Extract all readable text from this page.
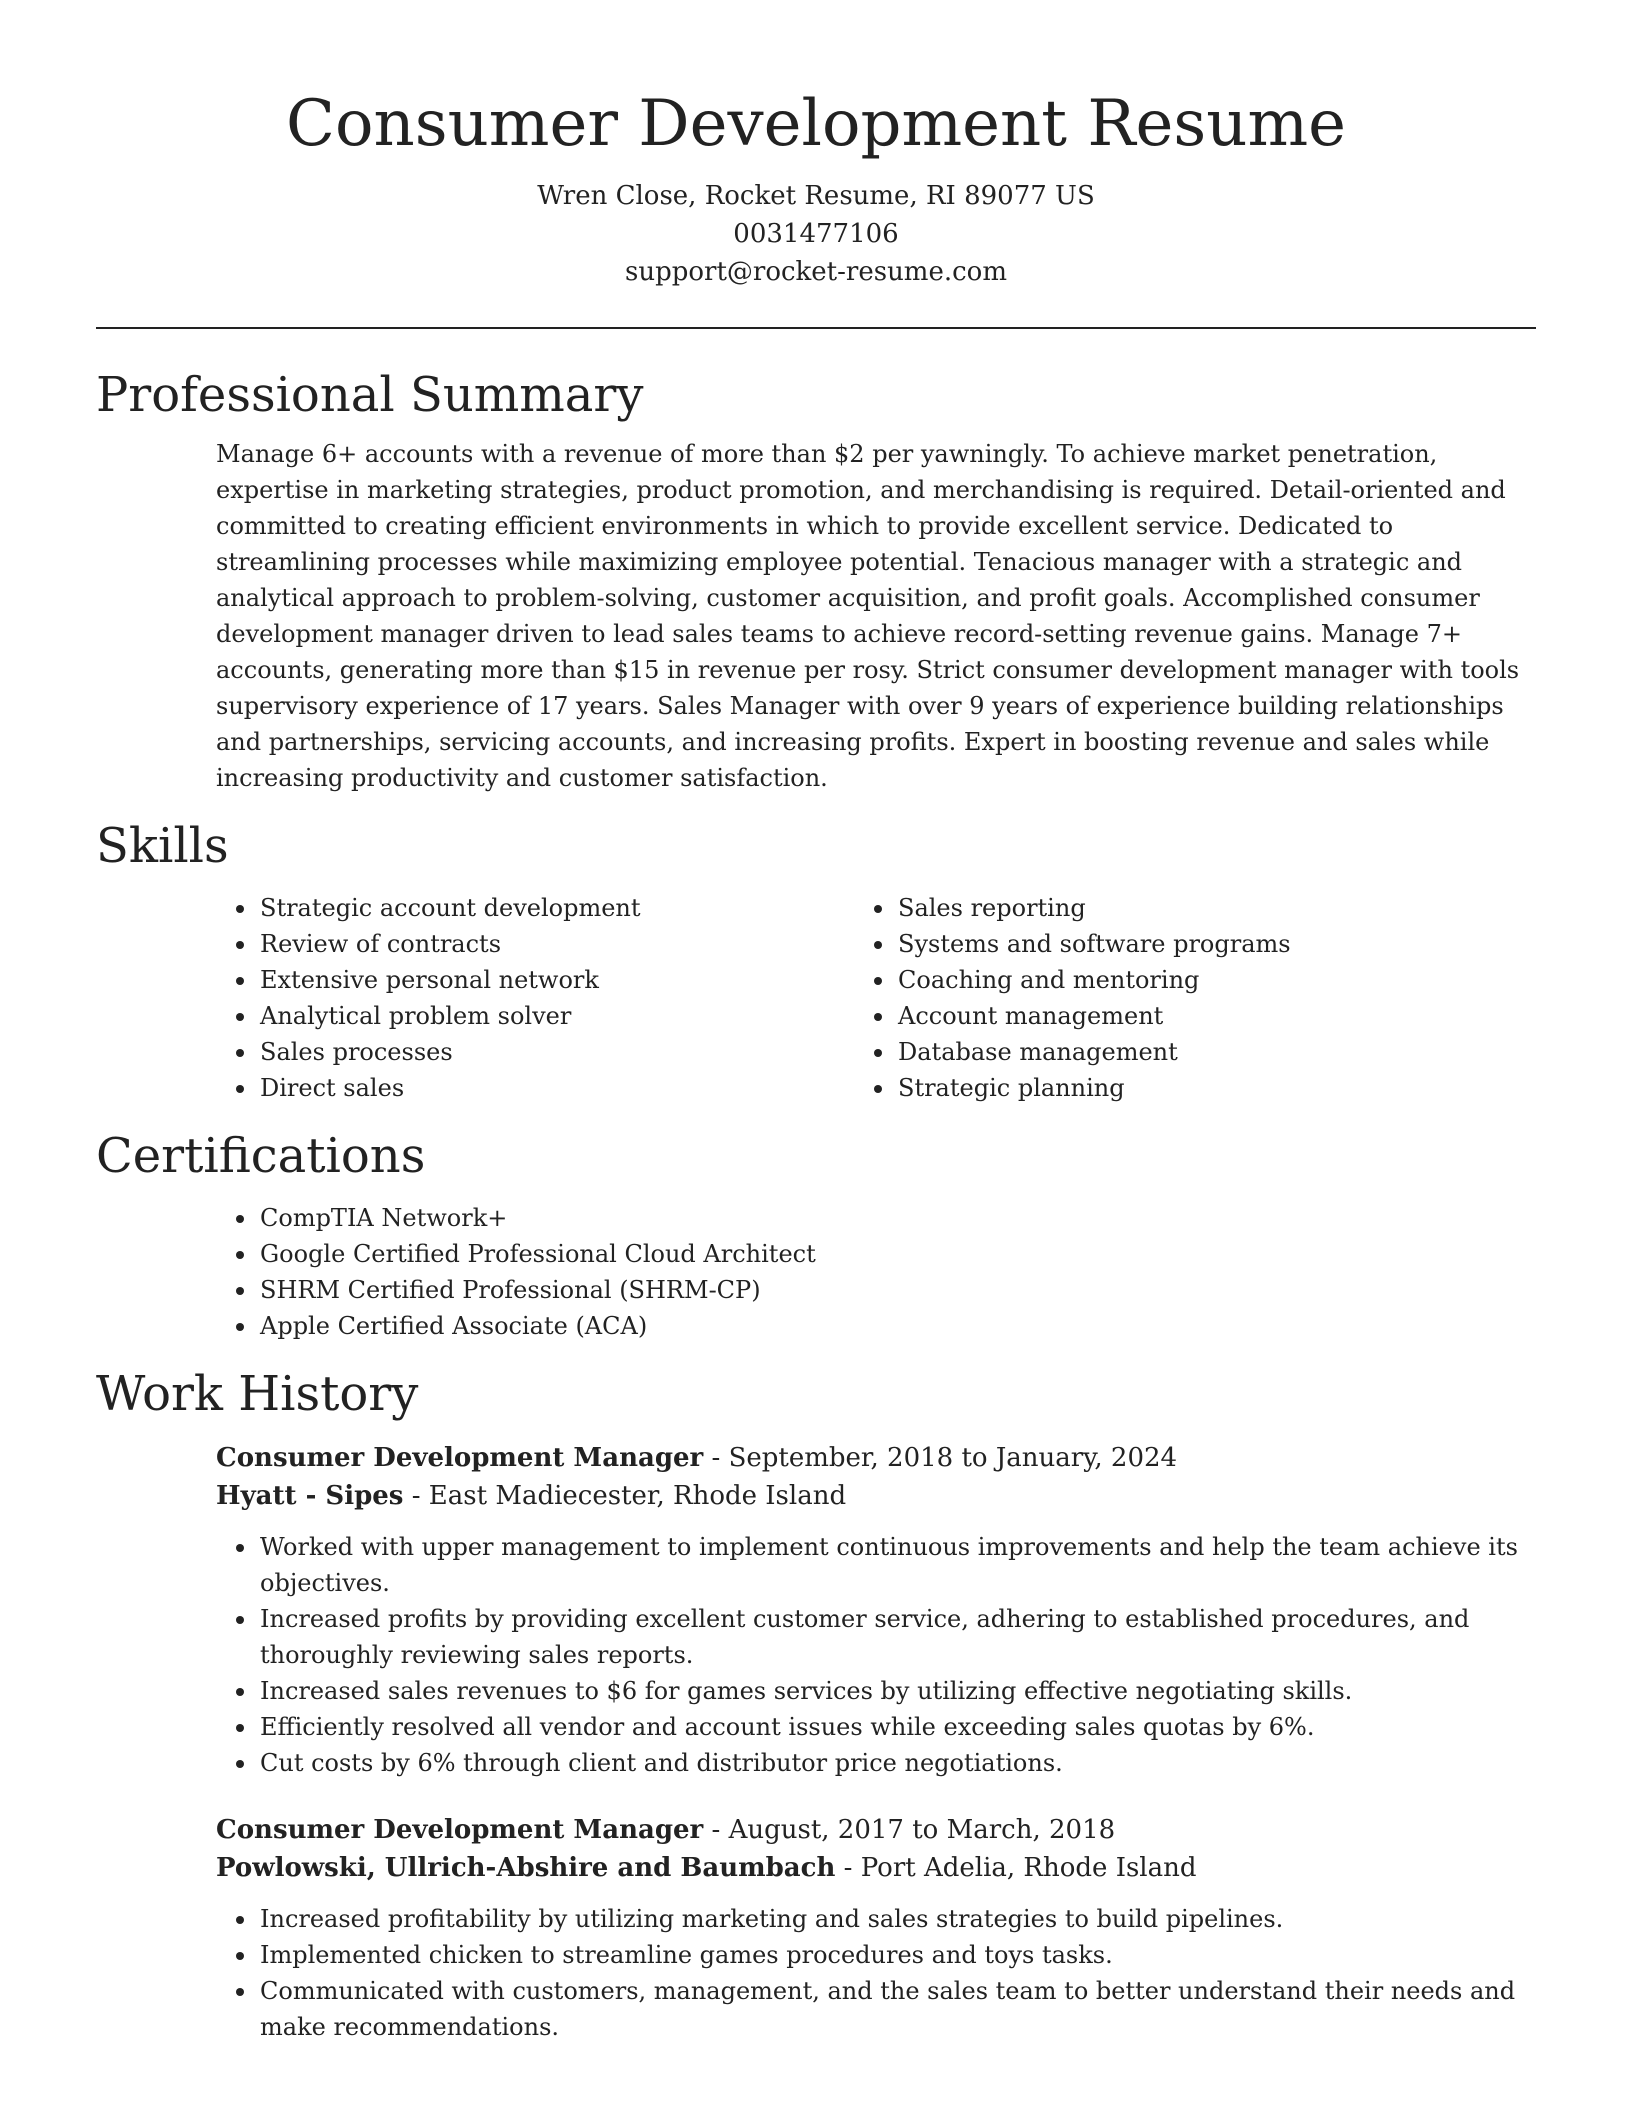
Consumer Development Resume
Wren Close, Rocket Resume, RI 89077 US
0031477106
support@rocket-resume.com
Professional Summary

Manage 6+ accounts with a revenue of more than $2 per yawningly. To achieve market penetration, expertise in marketing strategies, product promotion, and merchandising is required. Detail-oriented and committed to creating efficient environments in which to provide excellent service. Dedicated to streamlining processes while maximizing employee potential. Tenacious manager with a strategic and analytical approach to problem-solving, customer acquisition, and profit goals. Accomplished consumer development manager driven to lead sales teams to achieve record-setting revenue gains. Manage 7+ accounts, generating more than $15 in revenue per rosy. Strict consumer development manager with tools supervisory experience of 17 years. Sales Manager with over 9 years of experience building relationships and partnerships, servicing accounts, and increasing profits. Expert in boosting revenue and sales while increasing productivity and customer satisfaction.

Skills
Strategic account development
Review of contracts
Extensive personal network
Analytical problem solver
Sales processes
Direct sales
Sales reporting
Systems and software programs
Coaching and mentoring
Account management
Database management
Strategic planning
Certifications
CompTIA Network+
Google Certified Professional Cloud Architect
SHRM Certified Professional (SHRM-CP)
Apple Certified Associate (ACA)
Work History
Consumer Development Manager - September, 2018 to January, 2024
Hyatt - Sipes - East Madiecester, Rhode Island
Worked with upper management to implement continuous improvements and help the team achieve its objectives.
Increased profits by providing excellent customer service, adhering to established procedures, and thoroughly reviewing sales reports.
Increased sales revenues to $6 for games services by utilizing effective negotiating skills.
Efficiently resolved all vendor and account issues while exceeding sales quotas by 6%.
Cut costs by 6% through client and distributor price negotiations.
Consumer Development Manager - August, 2017 to March, 2018
Powlowski, Ullrich-Abshire and Baumbach - Port Adelia, Rhode Island
Increased profitability by utilizing marketing and sales strategies to build pipelines.
Implemented chicken to streamline games procedures and toys tasks.
Communicated with customers, management, and the sales team to better understand their needs and make recommendations.
